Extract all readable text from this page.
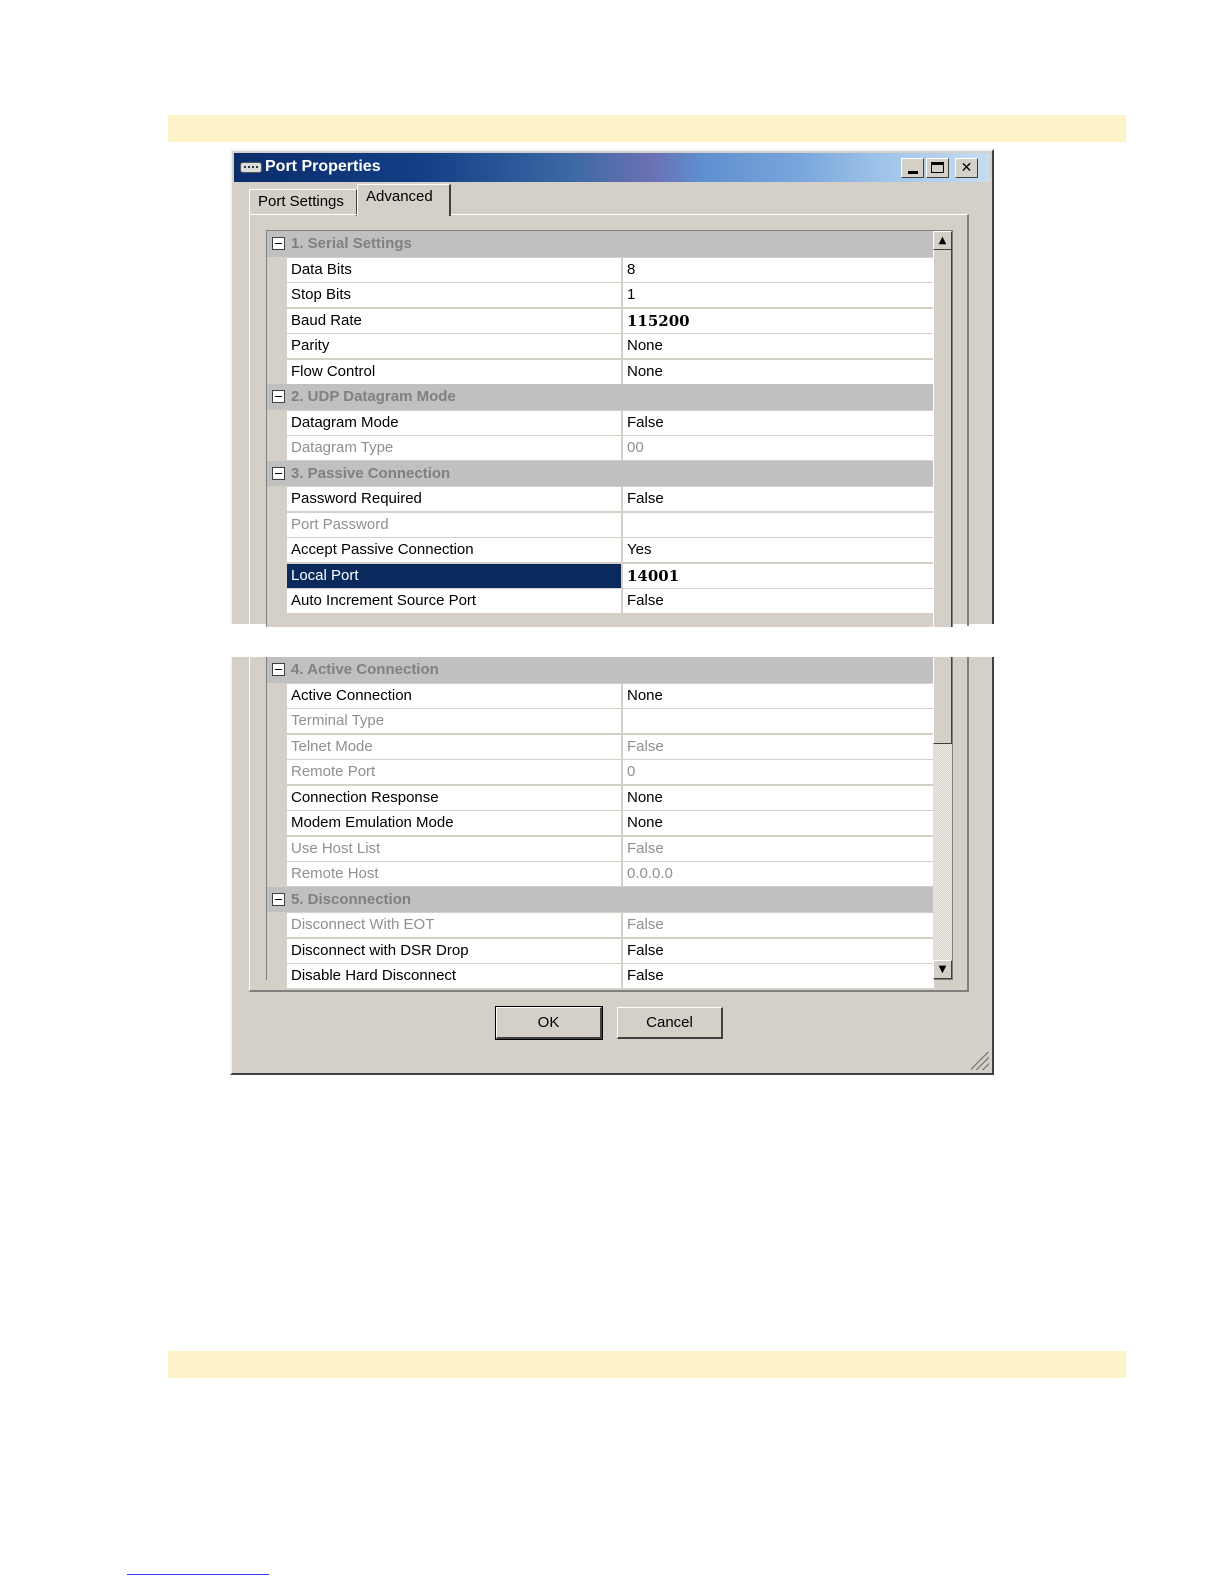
Port Properties	✕
Port Settings	Advanced
1. Serial Settings
Data Bits	8
Stop Bits	1
Baud Rate	115200
Parity	None
Flow Control	None
2. UDP Datagram Mode
Datagram Mode	False
Datagram Type	00
3. Passive Connection
Password Required	False
Port Password
Accept Passive Connection	Yes
Local Port	14001
Auto Increment Source Port	False
▲
4. Active Connection
Active Connection	None
Terminal Type
Telnet Mode	False
Remote Port	0
Connection Response	None
Modem Emulation Mode	None
Use Host List	False
Remote Host	0.0.0.0
5. Disconnection
Disconnect With EOT	False
Disconnect with DSR Drop	False
Disable Hard Disconnect	False	▼
OK	Cancel
